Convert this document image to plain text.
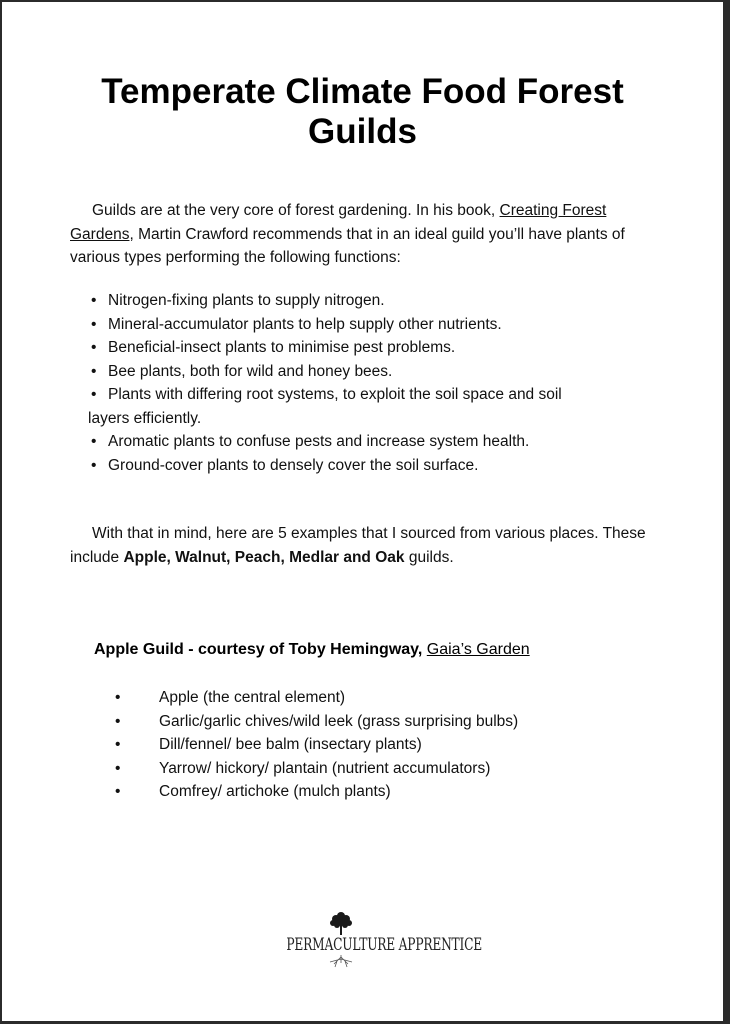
Temperate Climate Food Forest
Guilds

Guilds are at the very core of forest gardening. In his book, Creating Forest Gardens, Martin Crawford recommends that in an ideal guild you’ll have plants of various types performing the following functions:

• Nitrogen-fixing plants to supply nitrogen.
• Mineral-accumulator plants to help supply other nutrients.
• Beneficial-insect plants to minimise pest problems.
• Bee plants, both for wild and honey bees.
• Plants with differing root systems, to exploit the soil space and soil
layers efficiently.
• Aromatic plants to confuse pests and increase system health.
• Ground-cover plants to densely cover the soil surface.

With that in mind, here are 5 examples that I sourced from various places. These include Apple, Walnut, Peach, Medlar and Oak guilds.

Apple Guild - courtesy of Toby Hemingway, Gaia’s Garden
• Apple (the central element)
• Garlic/garlic chives/wild leek (grass surprising bulbs)
• Dill/fennel/ bee balm (insectary plants)
• Yarrow/ hickory/ plantain (nutrient accumulators)
• Comfrey/ artichoke (mulch plants)
PERMACULTURE APPRENTICE
